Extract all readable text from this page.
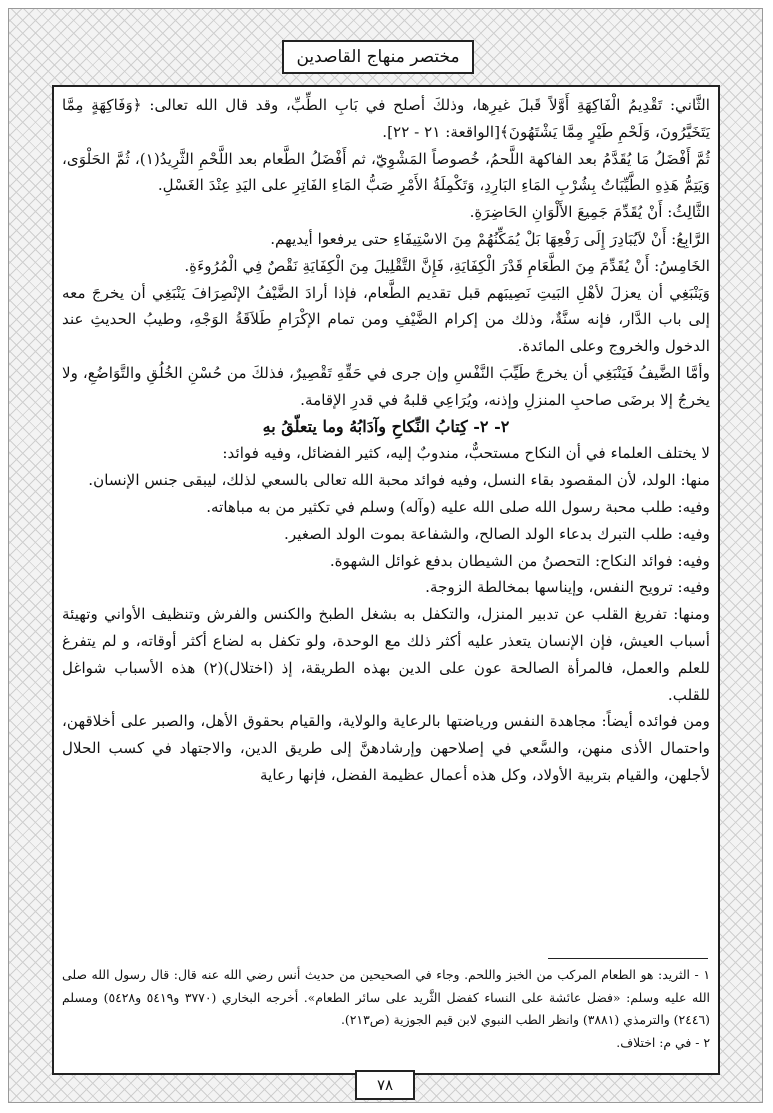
مختصر منهاج القاصدين

الثَّاني: تَقْدِيمُ الْفَاكِهَةِ أَوَّلاً قَبلَ غيرِها، وذلكَ أصلح في بَابِ الطِّبِّ، وقد قال الله تعالى: ﴿وَفَاكِهَةٍ مِمَّا يَتَخَيَّرُونَ، وَلَحْمِ طَيْرٍ مِمَّا يَشْتَهُونَ﴾[الواقعة: ٢١ - ٢٢].

ثُمَّ أَفْضَلُ مَا يُقَدَّمُ بعد الفاكهة اللَّحمُ، خُصوصاً المَشْوِيّ، ثم أَفْضَلُ الطَّعام بعد اللَّحْمِ الثَّرِيدُ(١)، ثُمَّ الحَلْوَى، وَيَتِمُّ هَذِهِ الطَّيِّبَاتُ بِشُرْبِ المَاءِ البَارِدِ، وَتَكْمِلَةُ الأَمْرِ صَبُّ المَاءِ الفَاتِرِ على اليَدِ عِنْدَ الغَسْلِ.

الثَّالِثُ: أَنْ يُقَدِّمَ جَمِيعَ الأَلْوَانِ الحَاضِرَةِ.

الرَّابِعُ: أَنْ لاَيُبَادِرَ إِلَى رَفْعِهَا بَلْ يُمَكِّنُهُمْ مِنَ الاسْتِيفَاءِ حتى يرفعوا أيديهم.

الخَامِسُ: أَنْ يُقَدِّمَ مِنَ الطَّعَامِ قَدْرَ الْكِفَايَةِ، فَإِنَّ التَّقْلِيلَ مِنَ الْكِفَايَةِ نَقْصٌ فِي الْمُرُوءَةِ.

وَيَنْبَغِي أن يعزلَ لأهْلِ البَيتِ نَصِيبَهم قبل تقديم الطَّعام، فإذا أرادَ الضَّيْفُ الإنْصِرَافَ يَنْبَغِي أن يخرجَ معه إلى باب الدَّار، فإنه سنَّةٌ، وذلك من إكرام الضَّيْفِ ومن تمام الإكْرَامِ طَلاَقَةُ الوَجْهِ، وطيبُ الحديثِ عند الدخول والخروج وعلى المائدة.

وأمَّا الضَّيفُ فَيَنْبَغِي أن يخرجَ طَيِّبَ النَّفْسِ وإن جرى في حَقِّهِ تَقْصِيرٌ، فذلكَ من حُسْنِ الخُلُقِ والتَّوَاضُعِ، ولا يخرجُ إلا برضَى صاحبِ المنزلِ وإذنه، ويُرَاعِي قلبهُ في قدرِ الإقامة.

٢- ٢- كِتابُ النِّكاحِ وآدَابُهُ وما يتعلّقُ بهِ

لا يختلف العلماء في أن النكاح مستحبٌّ، مندوبٌ إليه، كثير الفضائل، وفيه فوائد:

منها: الولد، لأن المقصود بقاء النسل، وفيه فوائد محبة الله تعالى بالسعي لذلك، ليبقى جنس الإنسان.

وفيه: طلب محبة رسول الله صلى الله عليه (وآله) وسلم في تكثير من به مباهاته.

وفيه: طلب التبرك بدعاء الولد الصالح، والشفاعة بموت الولد الصغير.

وفيه: فوائد النكاح: التحصنُ من الشيطان بدفع غوائل الشهوة.

وفيه: ترويح النفس، وإيناسها بمخالطة الزوجة.

ومنها: تفريغ القلب عن تدبير المنزل، والتكفل به بشغل الطبخ والكنس والفرش وتنظيف الأواني وتهيئة أسباب العيش، فإن الإنسان يتعذر عليه أكثر ذلك مع الوحدة، ولو تكفل به لضاع أكثر أوقاته، و لم يتفرغ للعلم والعمل، فالمرأة الصالحة عون على الدين بهذه الطريقة، إذ (اختلال)(٢) هذه الأسباب شواغل للقلب.

ومن فوائده أيضاً: مجاهدة النفس ورياضتها بالرعاية والولاية، والقيام بحقوق الأهل، والصبر على أخلاقهن، واحتمال الأذى منهن، والسَّعي في إصلاحهن وإرشادهنَّ إلى طريق الدين، والاجتهاد في كسب الحلال لأجلهن، والقيام بتربية الأولاد، وكل هذه أعمال عظيمة الفضل، فإنها رعاية

١ - الثريد: هو الطعام المركب من الخبز واللحم. وجاء في الصحيحين من حديث أنس رضي الله عنه قال: قال رسول الله صلى الله عليه وسلم: «فضل عائشة على النساء كفضل الثَّريد على سائر الطعام». أخرجه البخاري (٣٧٧٠ و٥٤١٩ و٥٤٢٨) ومسلم (٢٤٤٦) والترمذي (٣٨٨١) وانظر الطب النبوي لابن قيم الجوزية (ص٢١٣).

٢ - في م: اختلاف.

٧٨
